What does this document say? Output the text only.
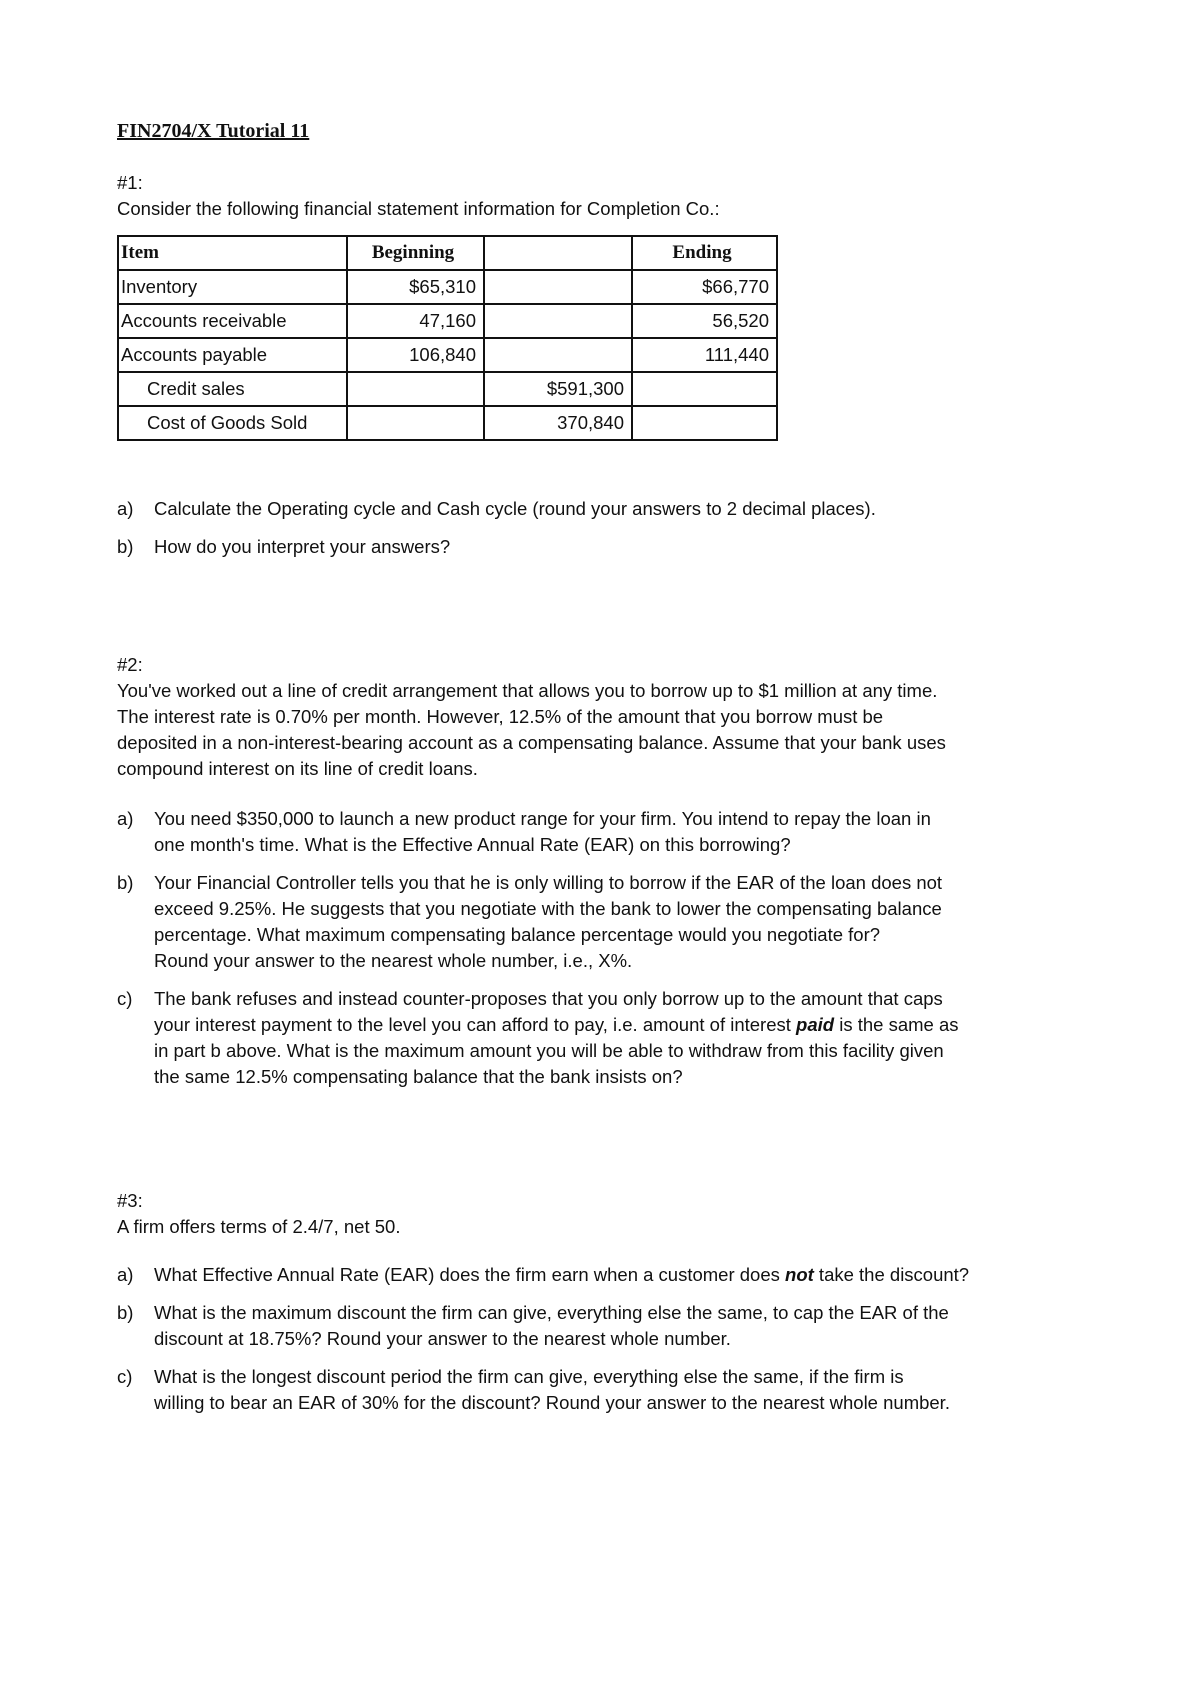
FIN2704/X Tutorial 11
#1:
Consider the following financial statement information for Completion Co.:
Item	Beginning		Ending
Inventory	$65,310		$66,770
Accounts receivable	47,160		56,520
Accounts payable	106,840		111,440
Credit sales		$591,300	
Cost of Goods Sold		370,840	
a) Calculate the Operating cycle and Cash cycle (round your answers to 2 decimal places).
b) How do you interpret your answers?
#2:
You've worked out a line of credit arrangement that allows you to borrow up to $1 million at any time.
The interest rate is 0.70% per month. However, 12.5% of the amount that you borrow must be
deposited in a non-interest-bearing account as a compensating balance. Assume that your bank uses
compound interest on its line of credit loans.
a) You need $350,000 to launch a new product range for your firm. You intend to repay the loan in
one month's time. What is the Effective Annual Rate (EAR) on this borrowing?
b) Your Financial Controller tells you that he is only willing to borrow if the EAR of the loan does not
exceed 9.25%. He suggests that you negotiate with the bank to lower the compensating balance
percentage. What maximum compensating balance percentage would you negotiate for?
Round your answer to the nearest whole number, i.e., X%.
c) The bank refuses and instead counter-proposes that you only borrow up to the amount that caps
your interest payment to the level you can afford to pay, i.e. amount of interest paid is the same as
in part b above. What is the maximum amount you will be able to withdraw from this facility given
the same 12.5% compensating balance that the bank insists on?
#3:
A firm offers terms of 2.4/7, net 50.
a) What Effective Annual Rate (EAR) does the firm earn when a customer does not take the discount?
b) What is the maximum discount the firm can give, everything else the same, to cap the EAR of the
discount at 18.75%? Round your answer to the nearest whole number.
c) What is the longest discount period the firm can give, everything else the same, if the firm is
willing to bear an EAR of 30% for the discount? Round your answer to the nearest whole number.
